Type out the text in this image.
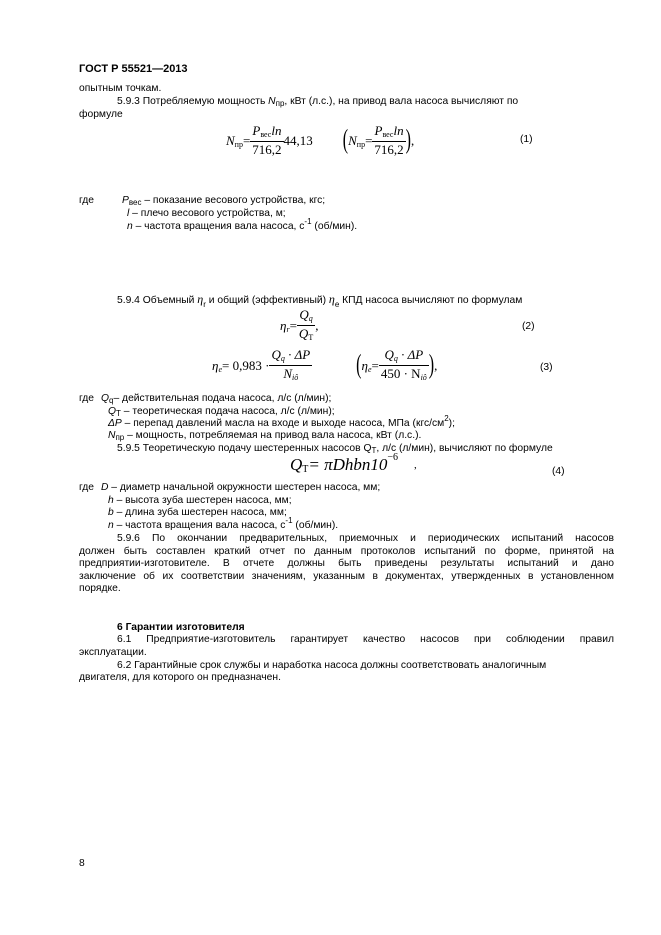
ГОСТ Р 55521—2013
опытным точкам.
5.9.3 Потребляемую мощность Nпр, кВт (л.с.), на привод вала насоса вычисляют по
формуле
N пр = $\frac{\text{Pвесln}}{716,2} 44,13$ ( N пр = $\frac{\text{Pвесln}}{716,2}$ ) ,	(1)
где	Pвес – показание весового устройства, кгс;
l – плечо весового устройства, м;
n – частота вращения вала насоса, $с^{-1}$ (об/мин).
5.9.4 Объемный $\eta_r$ и общий (эффективный) $\eta_e$ КПД насоса вычисляют по формулам
η $r = \frac{Qq}{QТ}$ ,	(2)
η $e = 0,983 \cdot \frac{Qq \cdot \Delta P}{\text{Niô}}$	( η $e = \frac{Qq \cdot \Delta P}{\text{450 · Niô}}$ ) ,	(3)
где Qq– действительная подача насоса, л/с (л/мин);
QТ – теоретическая подача насоса, л/с (л/мин);
ΔP – перепад давлений масла на входе и выходе насоса, МПа $(кгс/см^2)$;
Nпр – мощность, потребляемая на привод вала насоса, кВт (л.с.).
5.9.5 Теоретическую подачу шестеренных насосов QТ, л/с (л/мин), вычисляют по формуле
Q Т = πDhbn10 −6
,
(4)
где D – диаметр начальной окружности шестерен насоса, мм;
h – высота зуба шестерен насоса, мм;
b – длина зуба шестерен насоса, мм;
n – частота вращения вала насоса, $с^{-1}$ (об/мин).
5.9.6 По окончании предварительных, приемочных и периодических испытаний насосов
должен быть составлен краткий отчет по данным протоколов испытаний по форме, принятой на
предприятии-изготовителе. В отчете должны быть приведены результаты испытаний и дано
заключение об их соответствии значениям, указанным в документах, утвержденных в установленном
порядке.
6 Гарантии изготовителя
6.1 Предприятие-изготовитель гарантирует качество насосов при соблюдении правил
эксплуатации.
6.2 Гарантийные срок службы и наработка насоса должны соответствовать аналогичным
двигателя, для которого он предназначен.
8
